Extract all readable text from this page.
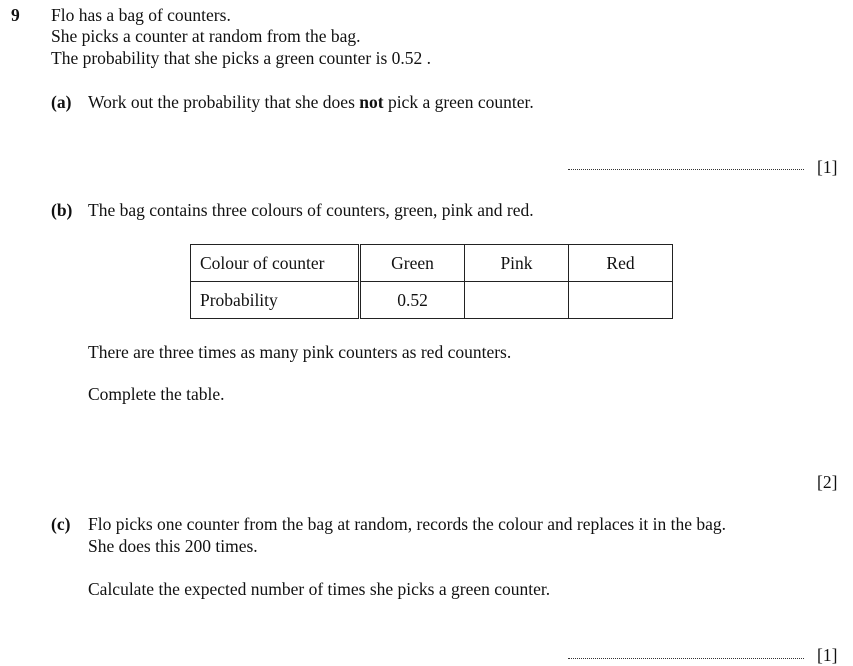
9 Flo has a bag of counters.
She picks a counter at random from the bag.
The probability that she picks a green counter is 0.52 .
(a) Work out the probability that she does not pick a green counter.
[1]
(b) The bag contains three colours of counters, green, pink and red.
Colour of counter	Green	Pink	Red
Probability	0.52		
There are three times as many pink counters as red counters.
Complete the table.
[2]
(c) Flo picks one counter from the bag at random, records the colour and replaces it in the bag.
She does this 200 times.
Calculate the expected number of times she picks a green counter.
[1]
